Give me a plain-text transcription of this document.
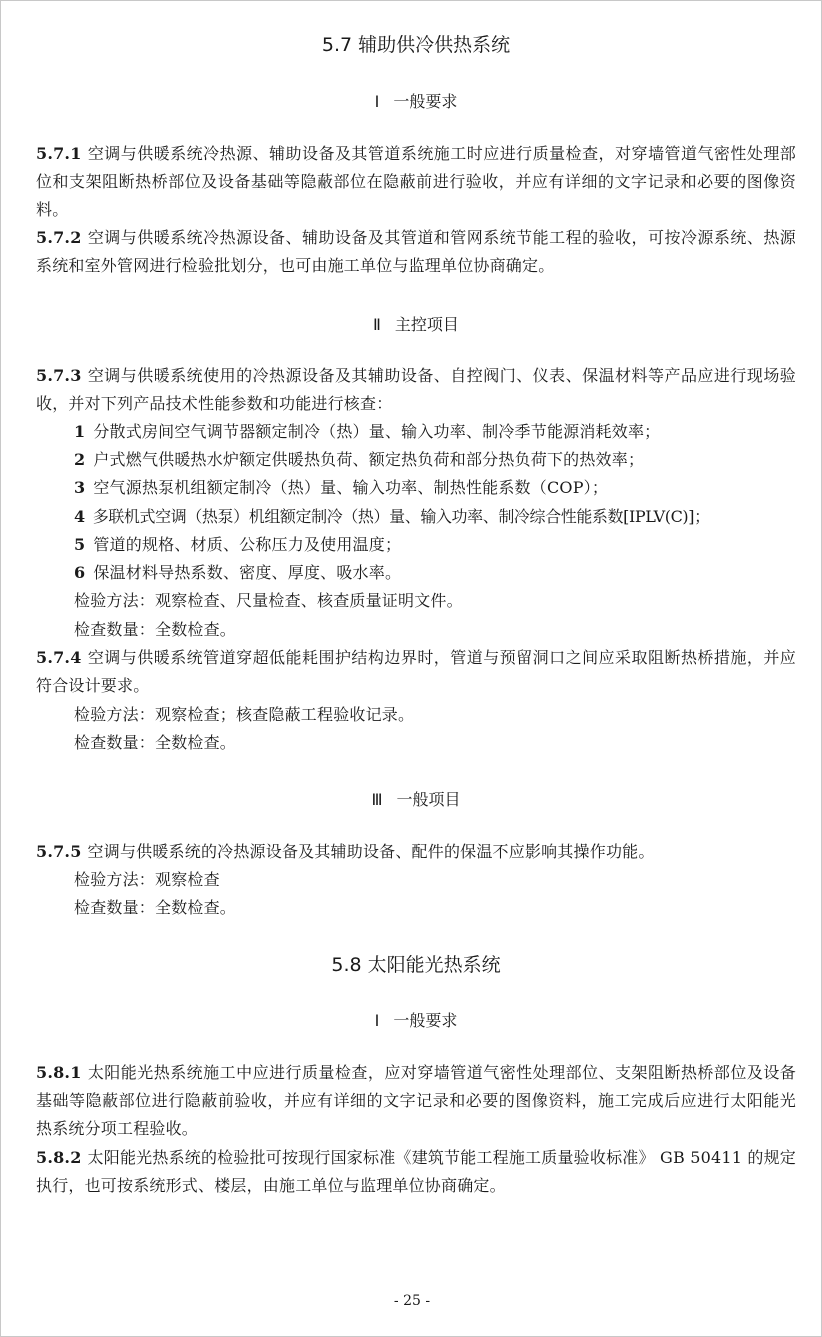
5.7 辅助供冷供热系统
Ⅰ 一般要求
5.7.1 空调与供暖系统冷热源、辅助设备及其管道系统施工时应进行质量检查，对穿墙管道气密性处理部位和支架阻断热桥部位及设备基础等隐蔽部位在隐蔽前进行验收，并应有详细的文字记录和必要的图像资料。
5.7.2 空调与供暖系统冷热源设备、辅助设备及其管道和管网系统节能工程的验收，可按冷源系统、热源系统和室外管网进行检验批划分，也可由施工单位与监理单位协商确定。
Ⅱ 主控项目
5.7.3 空调与供暖系统使用的冷热源设备及其辅助设备、自控阀门、仪表、保温材料等产品应进行现场验收，并对下列产品技术性能参数和功能进行核查：
1 分散式房间空气调节器额定制冷（热）量、输入功率、制冷季节能源消耗效率；
2 户式燃气供暖热水炉额定供暖热负荷、额定热负荷和部分热负荷下的热效率；
3 空气源热泵机组额定制冷（热）量、输入功率、制热性能系数（COP）；
4 多联机式空调（热泵）机组额定制冷（热）量、输入功率、制冷综合性能系数[IPLV(C)]；
5 管道的规格、材质、公称压力及使用温度；
6 保温材料导热系数、密度、厚度、吸水率。
检验方法：观察检查、尺量检查、核查质量证明文件。
检查数量：全数检查。
5.7.4 空调与供暖系统管道穿超低能耗围护结构边界时，管道与预留洞口之间应采取阻断热桥措施，并应符合设计要求。
检验方法：观察检查；核查隐蔽工程验收记录。
检查数量：全数检查。
Ⅲ 一般项目
5.7.5 空调与供暖系统的冷热源设备及其辅助设备、配件的保温不应影响其操作功能。
检验方法：观察检查
检查数量：全数检查。
5.8 太阳能光热系统
Ⅰ 一般要求
5.8.1 太阳能光热系统施工中应进行质量检查，应对穿墙管道气密性处理部位、支架阻断热桥部位及设备基础等隐蔽部位进行隐蔽前验收，并应有详细的文字记录和必要的图像资料，施工完成后应进行太阳能光热系统分项工程验收。
5.8.2 太阳能光热系统的检验批可按现行国家标准《建筑节能工程施工质量验收标准》 GB 50411 的规定执行，也可按系统形式、楼层，由施工单位与监理单位协商确定。
- 25 -
